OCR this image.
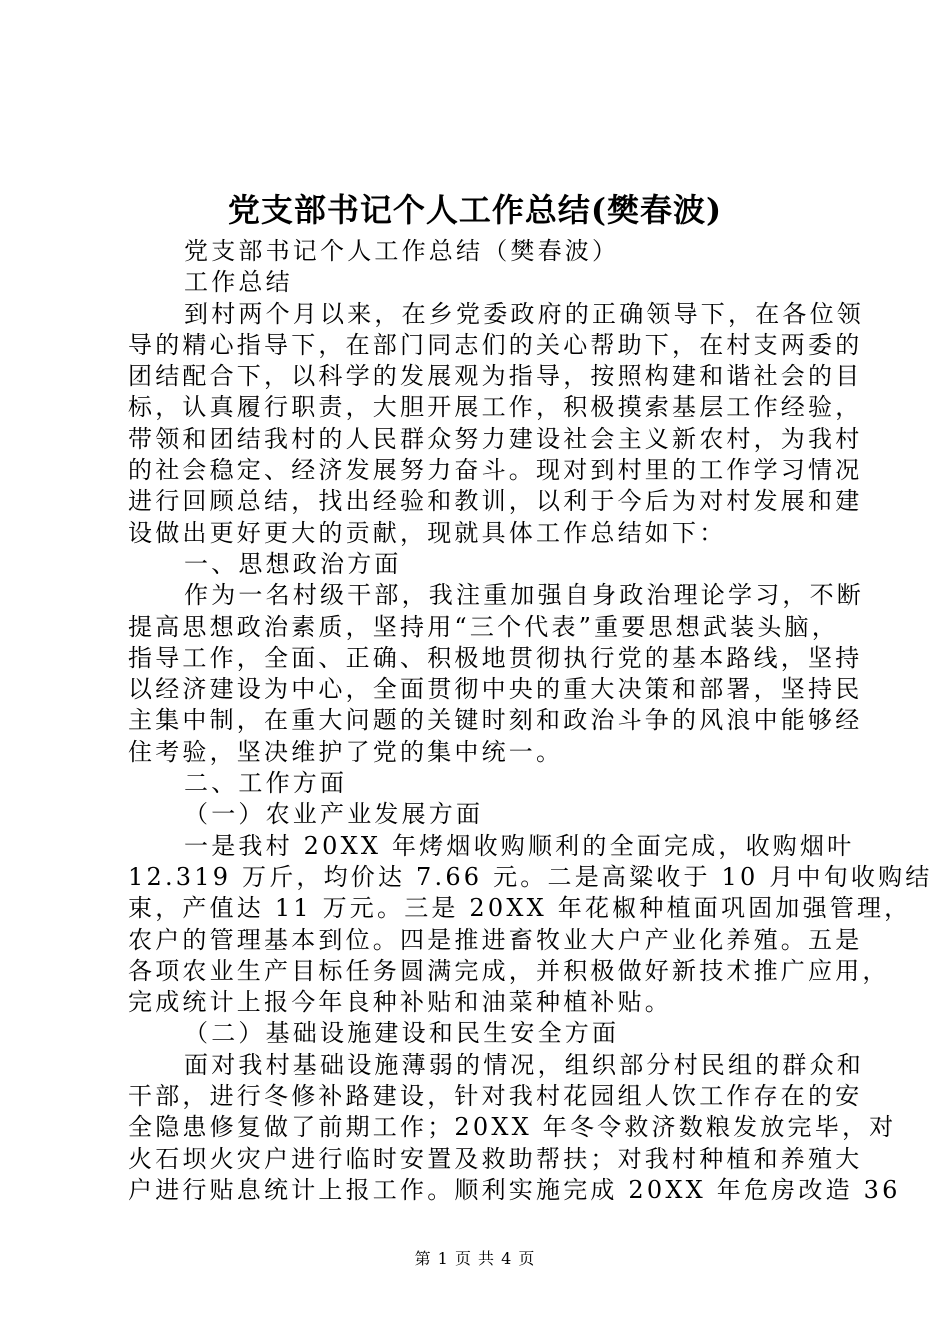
党支部书记个人工作总结(樊春波)
党支部书记个人工作总结（樊春波）
工作总结
到村两个月以来，在乡党委政府的正确领导下，在各位领
导的精心指导下，在部门同志们的关心帮助下，在村支两委的
团结配合下，以科学的发展观为指导，按照构建和谐社会的目
标，认真履行职责，大胆开展工作，积极摸索基层工作经验，
带领和团结我村的人民群众努力建设社会主义新农村，为我村
的社会稳定、经济发展努力奋斗。现对到村里的工作学习情况
进行回顾总结，找出经验和教训，以利于今后为对村发展和建
设做出更好更大的贡献，现就具体工作总结如下：
一、思想政治方面
作为一名村级干部，我注重加强自身政治理论学习，不断
提高思想政治素质，坚持用“三个代表”重要思想武装头脑，
指导工作，全面、正确、积极地贯彻执行党的基本路线，坚持
以经济建设为中心，全面贯彻中央的重大决策和部署，坚持民
主集中制，在重大问题的关键时刻和政治斗争的风浪中能够经
住考验，坚决维护了党的集中统一。
二、工作方面
（一）农业产业发展方面
一是我村 20XX 年烤烟收购顺利的全面完成，收购烟叶
12.319 万斤，均价达 7.66 元。二是高粱收于 10 月中旬收购结
束，产值达 11 万元。三是 20XX 年花椒种植面巩固加强管理，
农户的管理基本到位。四是推进畜牧业大户产业化养殖。五是
各项农业生产目标任务圆满完成，并积极做好新技术推广应用，
完成统计上报今年良种补贴和油菜种植补贴。
（二）基础设施建设和民生安全方面
面对我村基础设施薄弱的情况，组织部分村民组的群众和
干部，进行冬修补路建设，针对我村花园组人饮工作存在的安
全隐患修复做了前期工作；20XX 年冬令救济数粮发放完毕，对
火石坝火灾户进行临时安置及救助帮扶；对我村种植和养殖大
户进行贴息统计上报工作。顺利实施完成 20XX 年危房改造 36
第 1 页 共 4 页
